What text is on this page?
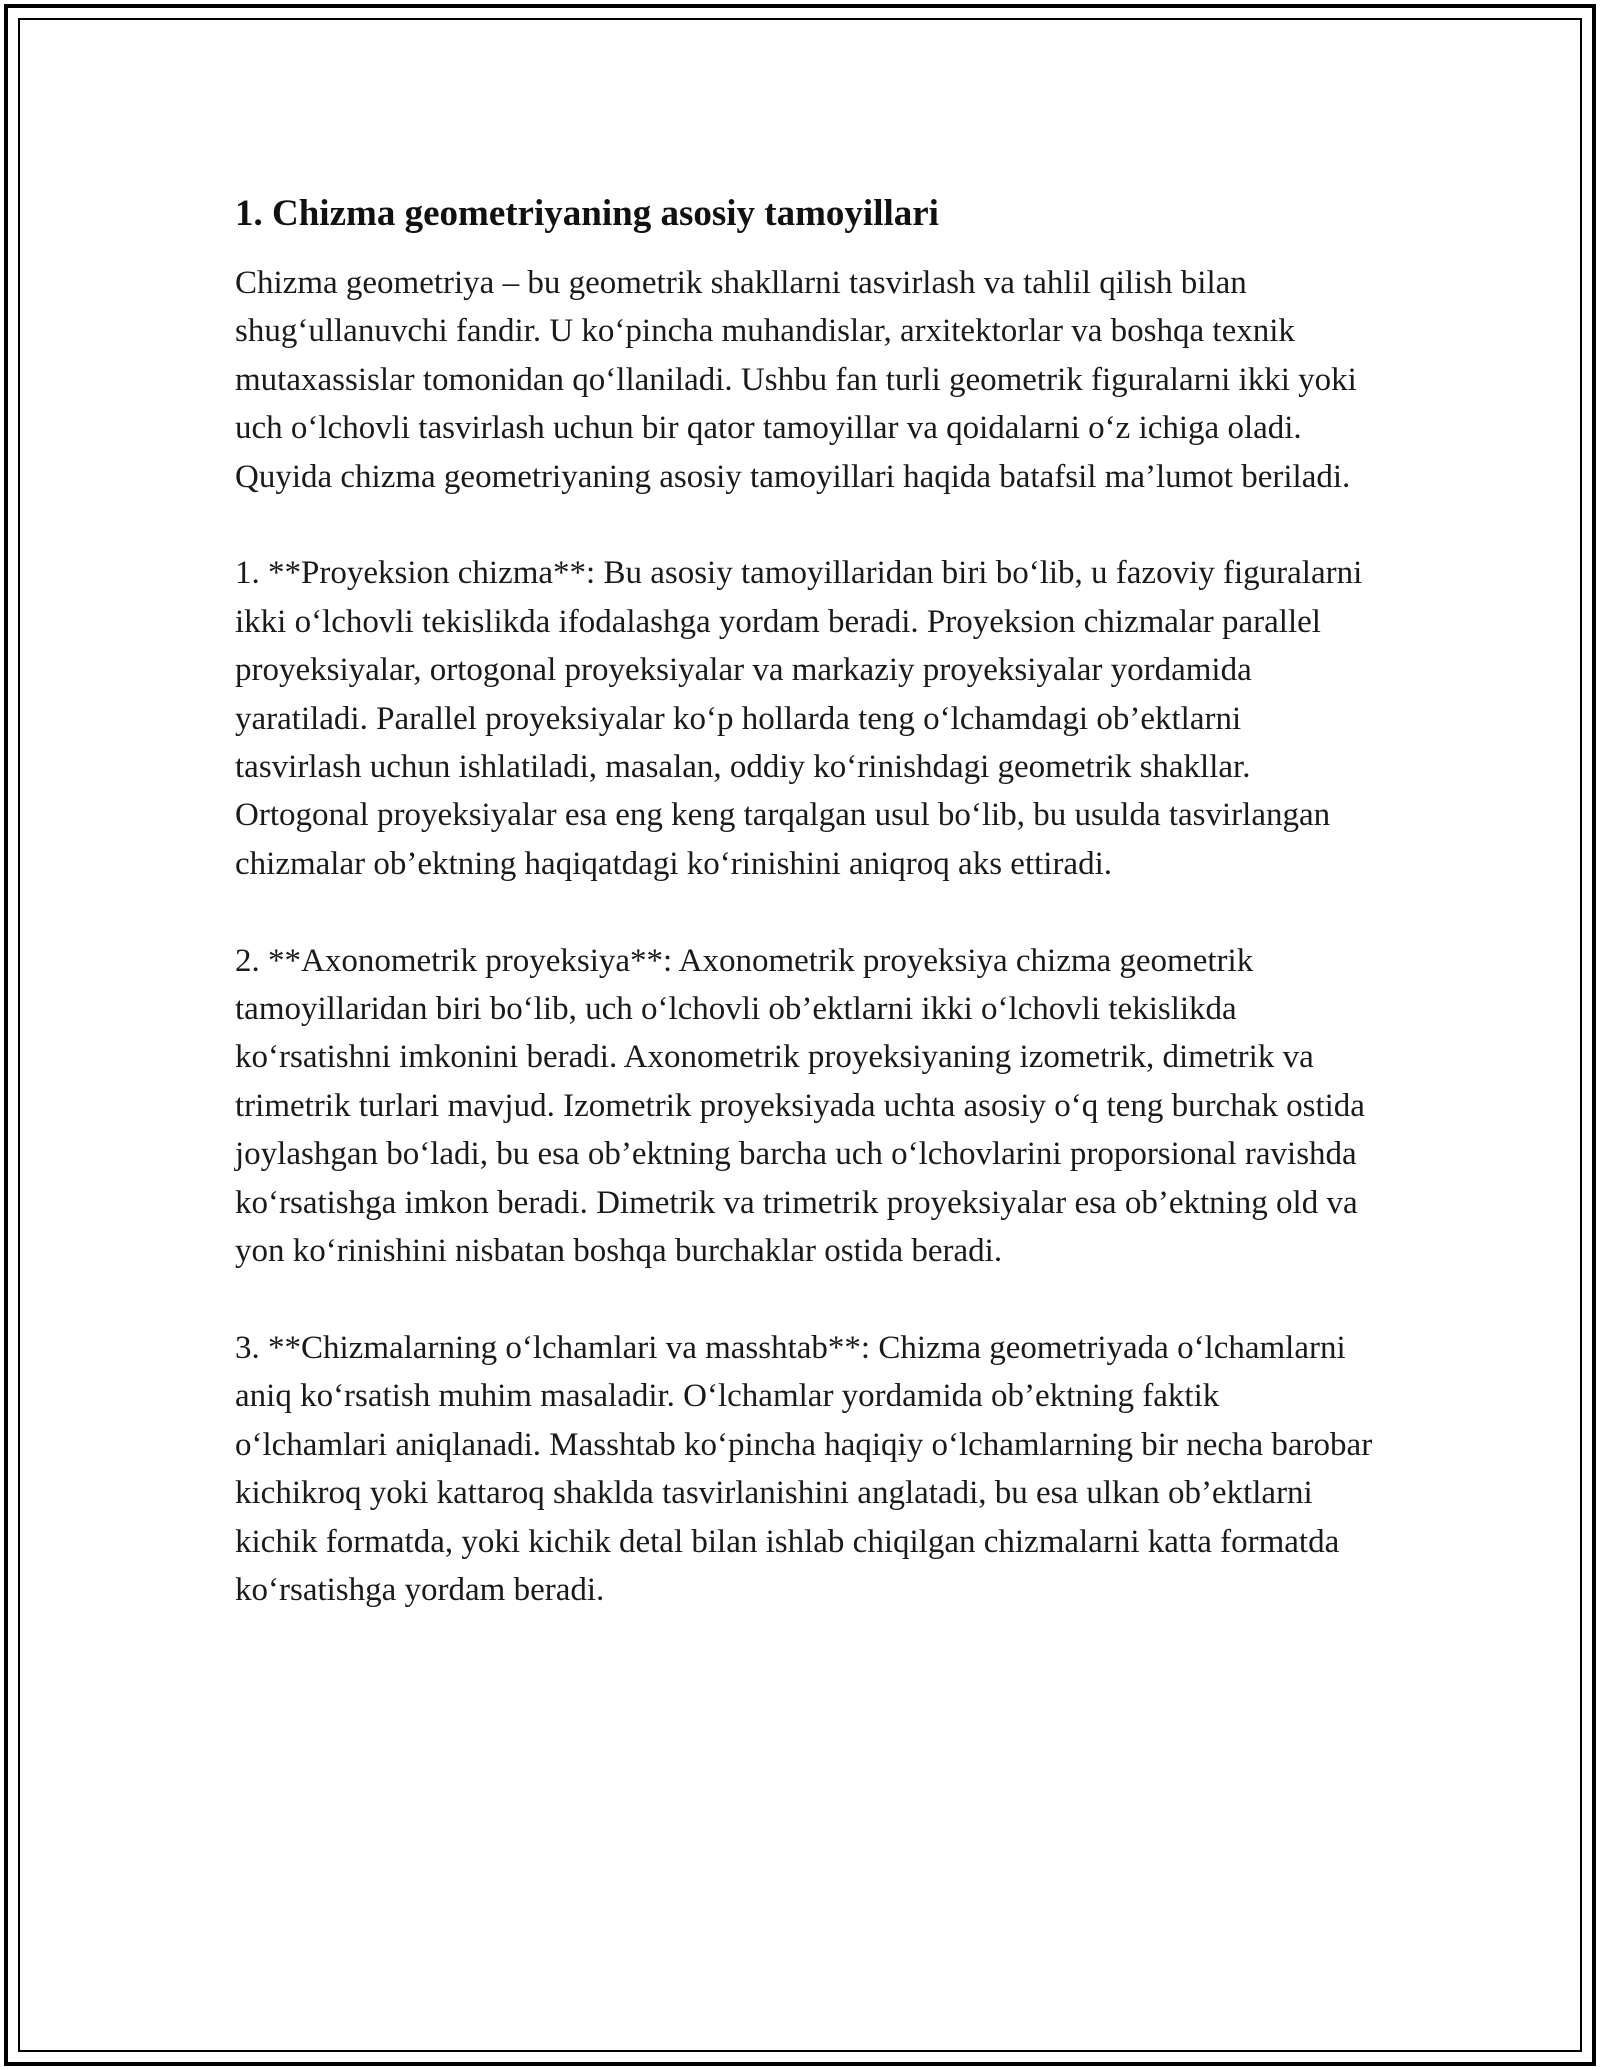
1. Chizma geometriyaning asosiy tamoyillari

Chizma geometriya – bu geometrik shakllarni tasvirlash va tahlil qilish bilan shug‘ullanuvchi fandir. U ko‘pincha muhandislar, arxitektorlar va boshqa texnik mutaxassislar tomonidan qo‘llaniladi. Ushbu fan turli geometrik figuralarni ikki yoki uch o‘lchovli tasvirlash uchun bir qator tamoyillar va qoidalarni o‘z ichiga oladi. Quyida chizma geometriyaning asosiy tamoyillari haqida batafsil ma’lumot beriladi.

1. **Proyeksion chizma**: Bu asosiy tamoyillaridan biri bo‘lib, u fazoviy figuralarni ikki o‘lchovli tekislikda ifodalashga yordam beradi. Proyeksion chizmalar parallel proyeksiyalar, ortogonal proyeksiyalar va markaziy proyeksiyalar yordamida yaratiladi. Parallel proyeksiyalar ko‘p hollarda teng o‘lchamdagi ob’ektlarni tasvirlash uchun ishlatiladi, masalan, oddiy ko‘rinishdagi geometrik shakllar. Ortogonal proyeksiyalar esa eng keng tarqalgan usul bo‘lib, bu usulda tasvirlangan chizmalar ob’ektning haqiqatdagi ko‘rinishini aniqroq aks ettiradi.

2. **Axonometrik proyeksiya**: Axonometrik proyeksiya chizma geometrik tamoyillaridan biri bo‘lib, uch o‘lchovli ob’ektlarni ikki o‘lchovli tekislikda ko‘rsatishni imkonini beradi. Axonometrik proyeksiyaning izometrik, dimetrik va trimetrik turlari mavjud. Izometrik proyeksiyada uchta asosiy o‘q teng burchak ostida joylashgan bo‘ladi, bu esa ob’ektning barcha uch o‘lchovlarini proporsional ravishda ko‘rsatishga imkon beradi. Dimetrik va trimetrik proyeksiyalar esa ob’ektning old va yon ko‘rinishini nisbatan boshqa burchaklar ostida beradi.

3. **Chizmalarning o‘lchamlari va masshtab**: Chizma geometriyada o‘lchamlarni aniq ko‘rsatish muhim masaladir. O‘lchamlar yordamida ob’ektning faktik o‘lchamlari aniqlanadi. Masshtab ko‘pincha haqiqiy o‘lchamlarning bir necha barobar kichikroq yoki kattaroq shaklda tasvirlanishini anglatadi, bu esa ulkan ob’ektlarni kichik formatda, yoki kichik detal bilan ishlab chiqilgan chizmalarni katta formatda ko‘rsatishga yordam beradi.
